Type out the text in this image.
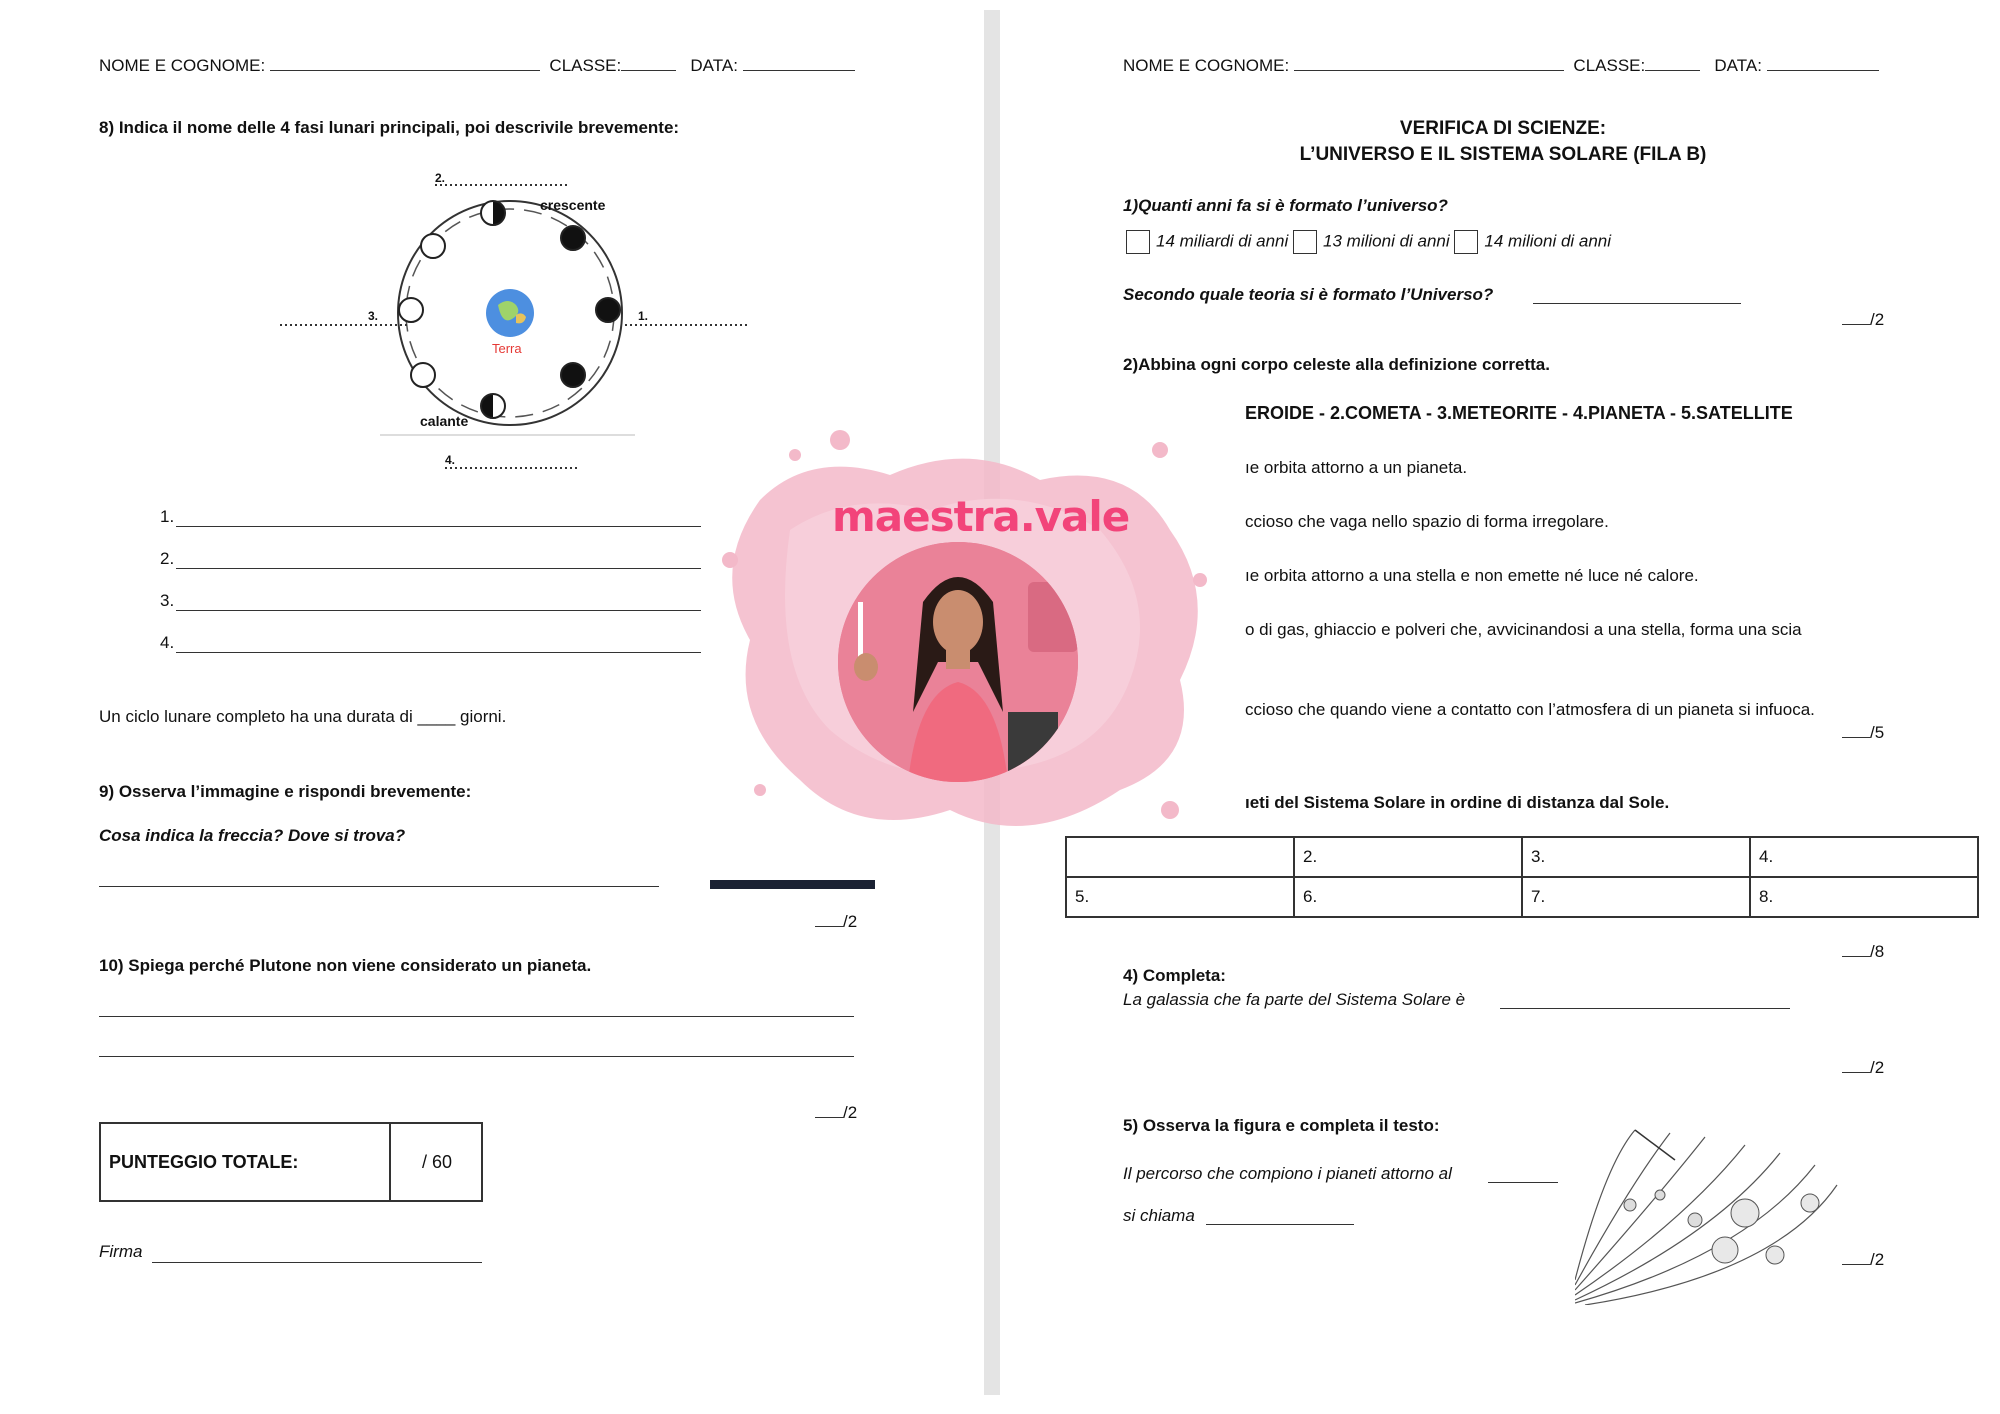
NOME E COGNOME:	CLASSE:	DATA:
8) Indica il nome delle 4 fasi lunari principali, poi descrivile brevemente:
crescente
calante
Terra
2.
3.	1.
4.
1.
2.
3.
4.
Un ciclo lunare completo ha una durata di ____ giorni.
9) Osserva l’immagine e rispondi brevemente:
Cosa indica la freccia? Dove si trova?
/2
10) Spiega perché Plutone non viene considerato un pianeta.
/2
PUNTEGGIO TOTALE:	/ 60
Firma
NOME E COGNOME:	CLASSE:	DATA:
VERIFICA DI SCIENZE:
L’UNIVERSO E IL SISTEMA SOLARE (FILA B)
1)Quanti anni fa si è formato l’universo?
14 miliardi di anni 13 milioni di anni 14 milioni di anni
Secondo quale teoria si è formato l’Universo?
/2
2)Abbina ogni corpo celeste alla definizione corretta.
EROIDE - 2.COMETA - 3.METEORITE - 4.PIANETA - 5.SATELLITE
ıe orbita attorno a un pianeta.
ccioso che vaga nello spazio di forma irregolare.
ıe orbita attorno a una stella e non emette né luce né calore.
o di gas, ghiaccio e polveri che, avvicinandosi a una stella, forma una scia
ccioso che quando viene a contatto con l’atmosfera di un pianeta si infuoca.
/5
ıeti del Sistema Solare in ordine di distanza dal Sole.
	2.	3.	4.
5.	6.	7.	8.
/8
4) Completa:
La galassia che fa parte del Sistema Solare è
/2
5) Osserva la figura e completa il testo:
Il percorso che compiono i pianeti attorno al
si chiama
/2
maestra.vale
